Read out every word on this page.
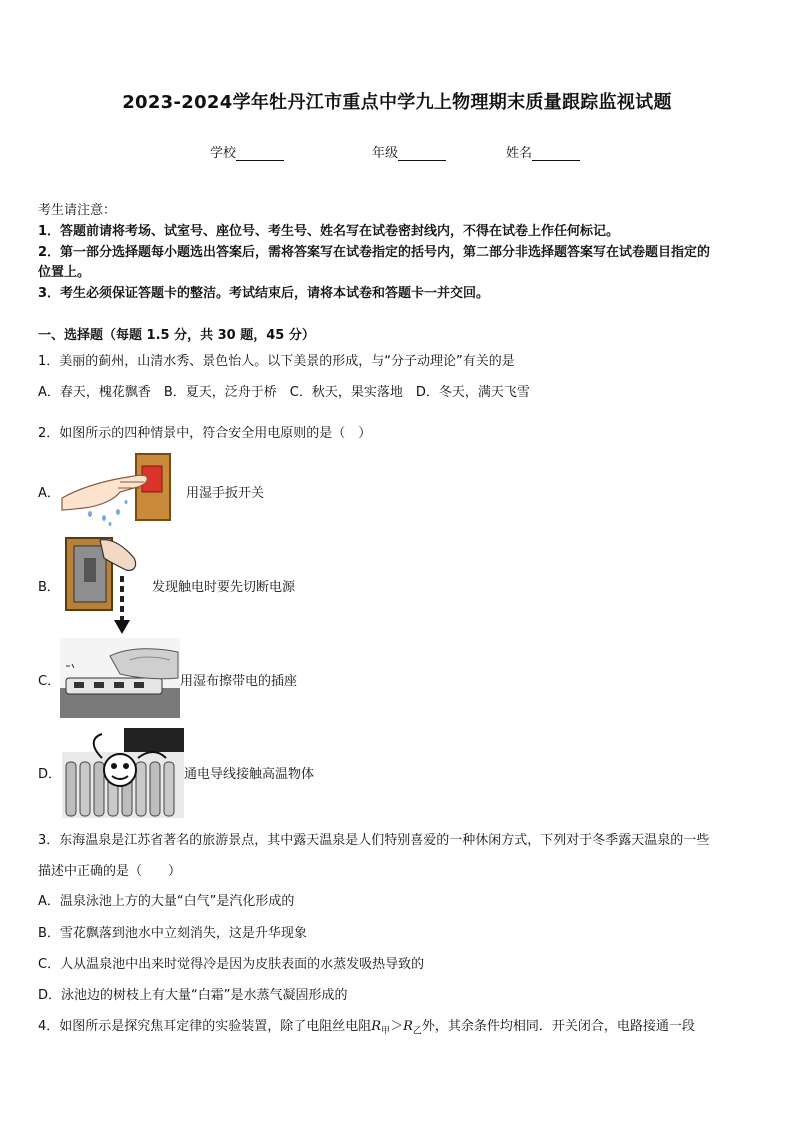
2023-2024学年牡丹江市重点中学九上物理期末质量跟踪监视试题
学校	年级	姓名
考生请注意：
1．答题前请将考场、试室号、座位号、考生号、姓名写在试卷密封线内，不得在试卷上作任何标记。
2．第一部分选择题每小题选出答案后，需将答案写在试卷指定的括号内，第二部分非选择题答案写在试卷题目指定的
位置上。
3．考生必须保证答题卡的整洁。考试结束后，请将本试卷和答题卡一并交回。
一、选择题（每题 1.5 分，共 30 题，45 分）
1．美丽的蓟州，山清水秀、景色怡人。以下美景的形成，与“分子动理论”有关的是
A．春天，槐花飘香　B．夏天，泛舟于桥　C．秋天，果实落地　D．冬天，满天飞雪
2．如图所示的四种情景中，符合安全用电原则的是（　）
A．	用湿手扳开关
B．	发现触电时要先切断电源
C．	用湿布擦带电的插座
D．	通电导线接触高温物体
3．东海温泉是江苏省著名的旅游景点，其中露天温泉是人们特别喜爱的一种休闲方式，下列对于冬季露天温泉的一些
描述中正确的是（　　）
A．温泉泳池上方的大量“白气”是汽化形成的
B．雪花飘落到池水中立刻消失，这是升华现象
C．人从温泉池中出来时觉得冷是因为皮肤表面的水蒸发吸热导致的
D．泳池边的树枝上有大量“白霜”是水蒸气凝固形成的
4．如图所示是探究焦耳定律的实验装置，除了电阻丝电阻$R_甲>R_乙$外，其余条件均相同．开关闭合，电路接通一段
